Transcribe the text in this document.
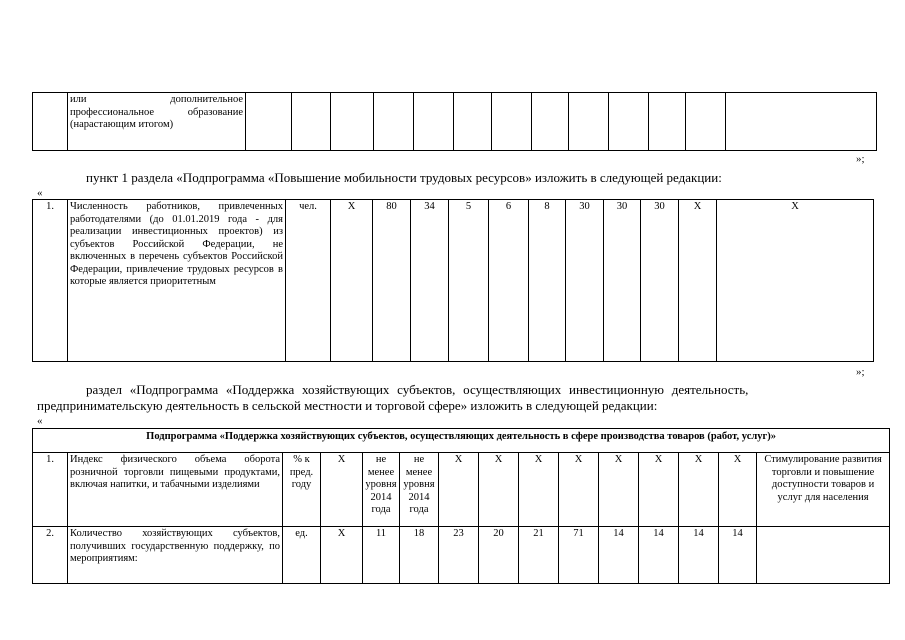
	или дополнительное профессиональное образование (нарастающим итогом)													
»;
пункт 1 раздела «Подпрограмма «Повышение мобильности трудовых ресурсов» изложить в следующей редакции:
«
1.	Численность работников, привлеченных работодателями (до 01.01.2019 года - для реализации инвестиционных проектов) из субъектов Российской Федерации, не включенных в перечень субъектов Российской Федерации, привлечение трудовых ресурсов в которые является приоритетным	чел.	Х	80	34	5	6	8	30	30	30	Х	Х	
»;
раздел «Подпрограмма «Поддержка хозяйствующих субъектов, осуществляющих инвестиционную деятельность,
предпринимательскую деятельность в сельской местности и торговой сфере» изложить в следующей редакции:
«
Подпрограмма «Поддержка хозяйствующих субъектов, осуществляющих деятельность в сфере производства товаров (работ, услуг)»														
1.	Индекс физического объема оборота розничной торговли пищевыми продуктами, включая напитки, и табачными изделиями	% к пред. году	Х	не менее уровня 2014 года	не менее уровня 2014 года	Х	Х	Х	Х	Х	Х	Х	Х	Стимулирование развития торговли и повышение доступности товаров и услуг для населения
2.	Количество хозяйствующих субъектов, получивших государственную поддержку, по мероприятиям:	ед.	Х	11	18	23	20	21	71	14	14	14	14	
